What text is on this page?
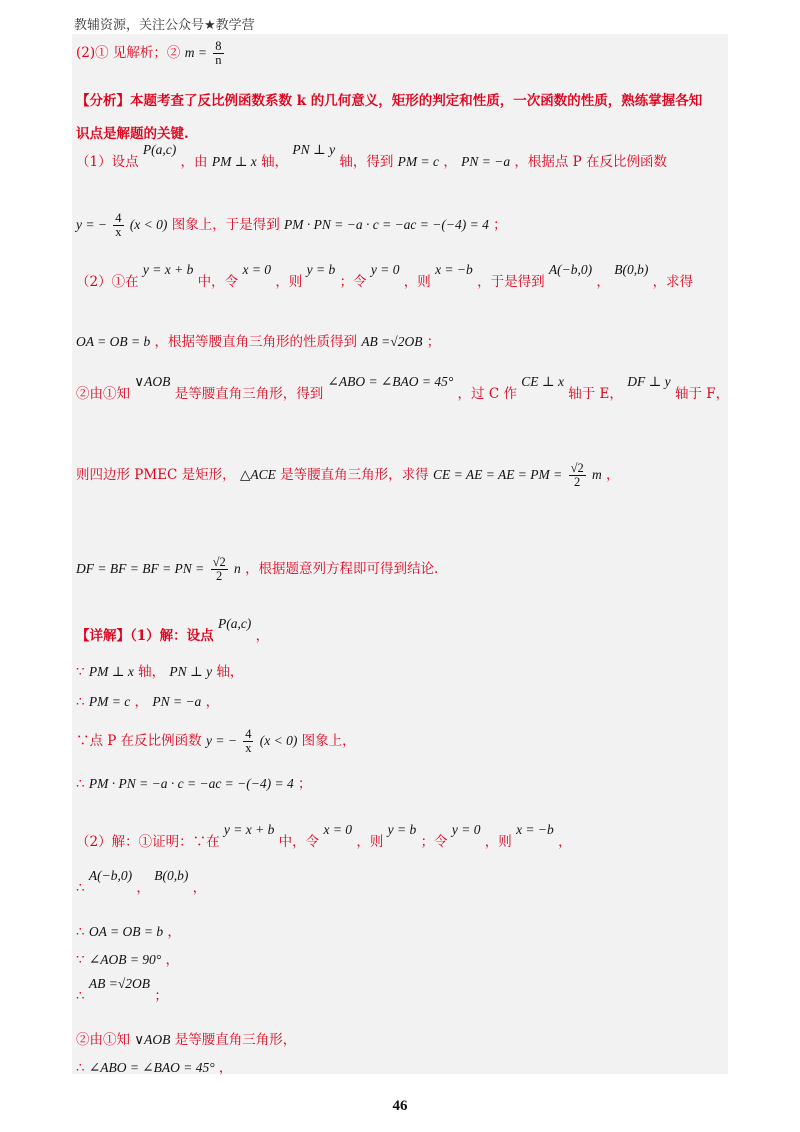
教辅资源，关注公众号★教学营
(2)① 见解析；② $m = \frac{8}{n}$
【分析】本题考查了反比例函数系数 k 的几何意义，矩形的判定和性质，一次函数的性质，熟练掌握各知
识点是解题的关键.
（1）设点 P(a,c) ，由 PM ⊥ x 轴， PN ⊥ y 轴，得到 PM = c ， PN = −a ，根据点 P 在反比例函数
y = − $\frac{4}{x} (x < 0)$ 图象上，于是得到 PM · PN = −a · c = −ac = −(−4) = 4 ；
（2）①在 y = x + b 中，令 x = 0 ，则 y = b ；令 y = 0 ，则 x = −b ，于是得到 A(−b,0) ， B(0,b) ，求得
OA = OB = b ，根据等腰直角三角形的性质得到 AB =√2OB ；
②由①知 ∨AOB 是等腰直角三角形，得到 ∠ABO = ∠BAO = 45° ，过 C 作 CE ⊥ x 轴于 E， DF ⊥ y 轴于 F，
则四边形 PMEC 是矩形， △ACE 是等腰直角三角形，求得 CE = AE = AE = PM = $\frac{√2}{2}$ m ，
DF = BF = BF = PN = $\frac{√2}{2}$ n ，根据题意列方程即可得到结论.
【详解】（1）解：设点 P(a,c) ，
∵ PM ⊥ x 轴， PN ⊥ y 轴，
∴ PM = c ， PN = −a ，
∵点 P 在反比例函数 y = − $\frac{4}{x} (x < 0)$ 图象上，
∴ PM · PN = −a · c = −ac = −(−4) = 4 ；
（2）解：①证明：∵在 y = x + b 中，令 x = 0 ，则 y = b ；令 y = 0 ，则 x = −b ，
∴ A(−b,0) ， B(0,b) ，
∴ OA = OB = b ，
∵ ∠AOB = 90° ，
∴ AB =√2OB ；
②由①知 ∨AOB 是等腰直角三角形，
∴ ∠ABO = ∠BAO = 45° ，
46
